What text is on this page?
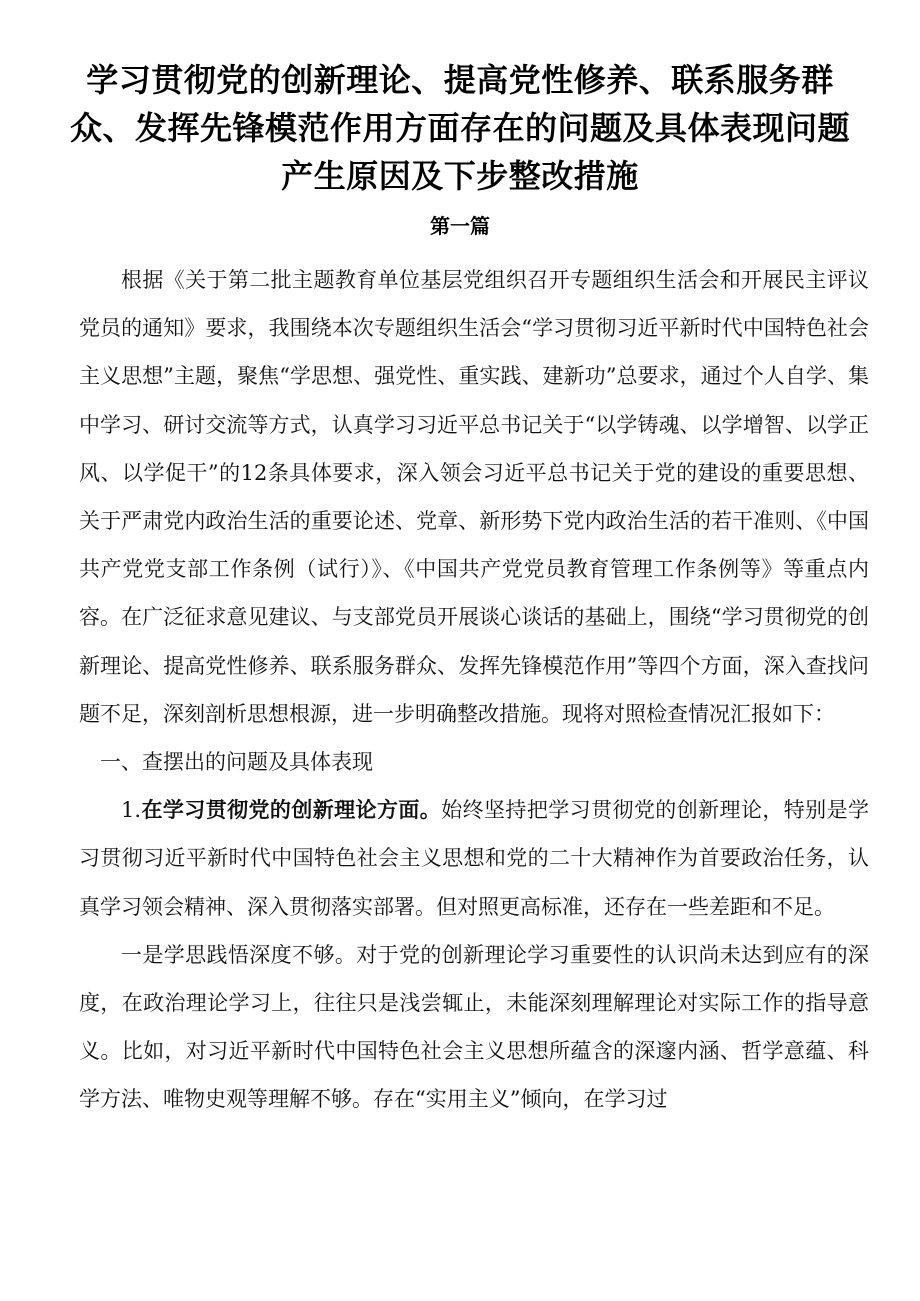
学习贯彻党的创新理论、提高党性修养、联系服务群众、发挥先锋模范作用方面存在的问题及具体表现问题产生原因及下步整改措施
第一篇

根据《关于第二批主题教育单位基层党组织召开专题组织生活会和开展民主评议党员的通知》要求，我围绕本次专题组织生活会“学习贯彻习近平新时代中国特色社会主义思想”主题，聚焦“学思想、强党性、重实践、建新功”总要求，通过个人自学、集中学习、研讨交流等方式，认真学习习近平总书记关于“以学铸魂、以学增智、以学正风、以学促干”的12条具体要求，深入领会习近平总书记关于党的建设的重要思想、关于严肃党内政治生活的重要论述、党章、新形势下党内政治生活的若干准则、《中国共产党党支部工作条例（试行）》、《中国共产党党员教育管理工作条例等》等重点内容。在广泛征求意见建议、与支部党员开展谈心谈话的基础上，围绕“学习贯彻党的创新理论、提高党性修养、联系服务群众、发挥先锋模范作用”等四个方面，深入查找问题不足，深刻剖析思想根源，进一步明确整改措施。现将对照检查情况汇报如下：

一、查摆出的问题及具体表现

1.在学习贯彻党的创新理论方面。始终坚持把学习贯彻党的创新理论，特别是学习贯彻习近平新时代中国特色社会主义思想和党的二十大精神作为首要政治任务，认真学习领会精神、深入贯彻落实部署。但对照更高标准，还存在一些差距和不足。

一是学思践悟深度不够。对于党的创新理论学习重要性的认识尚未达到应有的深度，在政治理论学习上，往往只是浅尝辄止，未能深刻理解理论对实际工作的指导意义。比如，对习近平新时代中国特色社会主义思想所蕴含的深邃内涵、哲学意蕴、科学方法、唯物史观等理解不够。存在“实用主义”倾向，在学习过
